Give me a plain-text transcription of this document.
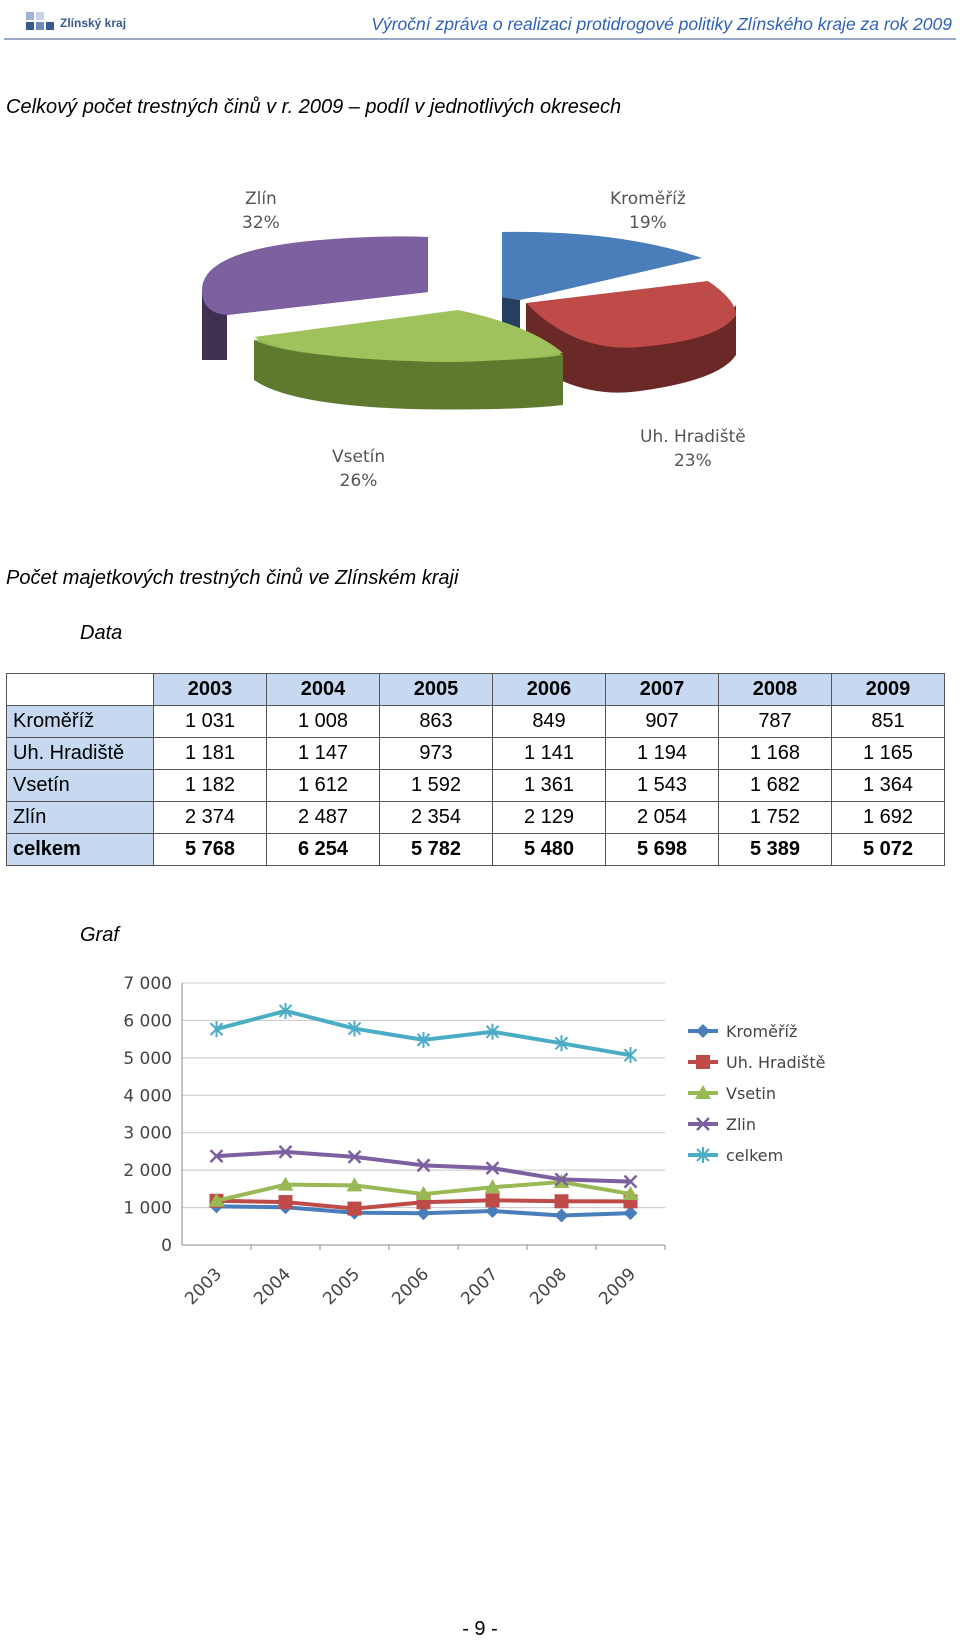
Zlínský kraj	Výroční zpráva o realizaci protidrogové politiky Zlínského kraje za rok 2009
Celkový počet trestných činů v r. 2009 – podíl v jednotlivých okresech
Zlín
32%
Kroměříž
19%
Uh. Hradiště
23%
Vsetín
26%
Počet majetkových trestných činů ve Zlínském kraji
Data
	2003	2004	2005	2006	2007	2008	2009
Kroměříž	1 031	1 008	863	849	907	787	851
Uh. Hradiště	1 181	1 147	973	1 141	1 194	1 168	1 165
Vsetín	1 182	1 612	1 592	1 361	1 543	1 682	1 364
Zlín	2 374	2 487	2 354	2 129	2 054	1 752	1 692
celkem	5 768	6 254	5 782	5 480	5 698	5 389	5 072
Graf
0
1 000
2 000
3 000
4 000
5 000
6 000
7 000
2003 2004 2005 2006 2007 2008 2009
Kroměříž
Uh. Hradiště
Vsetin
Zlin
celkem
- 9 -
